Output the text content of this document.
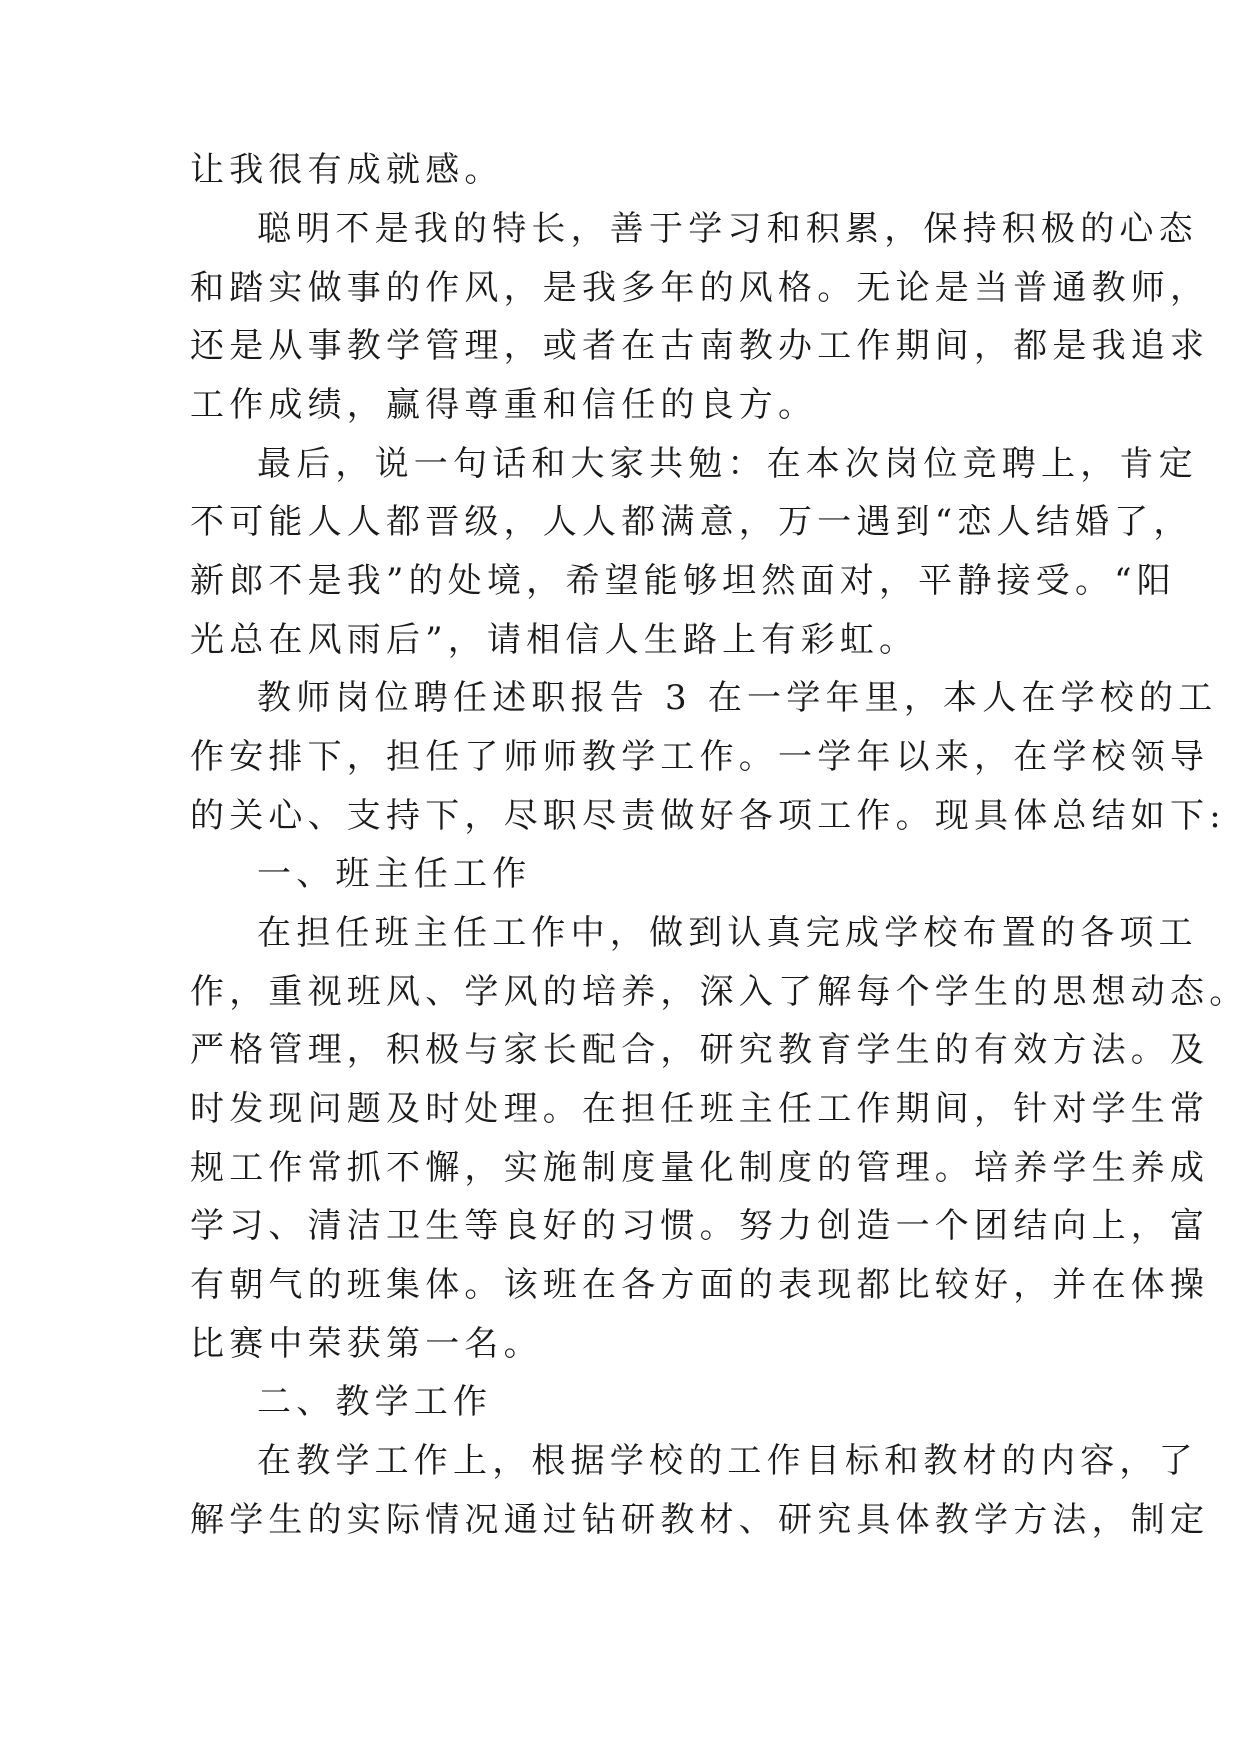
让我很有成就感。

聪明不是我的特长，善于学习和积累，保持积极的心态

和踏实做事的作风，是我多年的风格。无论是当普通教师，

还是从事教学管理，或者在古南教办工作期间，都是我追求

工作成绩，赢得尊重和信任的良方。

最后，说一句话和大家共勉：在本次岗位竞聘上，肯定

不可能人人都晋级，人人都满意，万一遇到“恋人结婚了，

新郎不是我”的处境，希望能够坦然面对，平静接受。“阳

光总在风雨后”，请相信人生路上有彩虹。

教师岗位聘任述职报告 3 在一学年里，本人在学校的工

作安排下，担任了师师教学工作。一学年以来，在学校领导

的关心、支持下，尽职尽责做好各项工作。现具体总结如下:

一、班主任工作

在担任班主任工作中，做到认真完成学校布置的各项工

作，重视班风、学风的培养，深入了解每个学生的思想动态。

严格管理，积极与家长配合，研究教育学生的有效方法。及

时发现问题及时处理。在担任班主任工作期间，针对学生常

规工作常抓不懈，实施制度量化制度的管理。培养学生养成

学习、清洁卫生等良好的习惯。努力创造一个团结向上，富

有朝气的班集体。该班在各方面的表现都比较好，并在体操

比赛中荣获第一名。

二、教学工作

在教学工作上，根据学校的工作目标和教材的内容，了

解学生的实际情况通过钻研教材、研究具体教学方法，制定
